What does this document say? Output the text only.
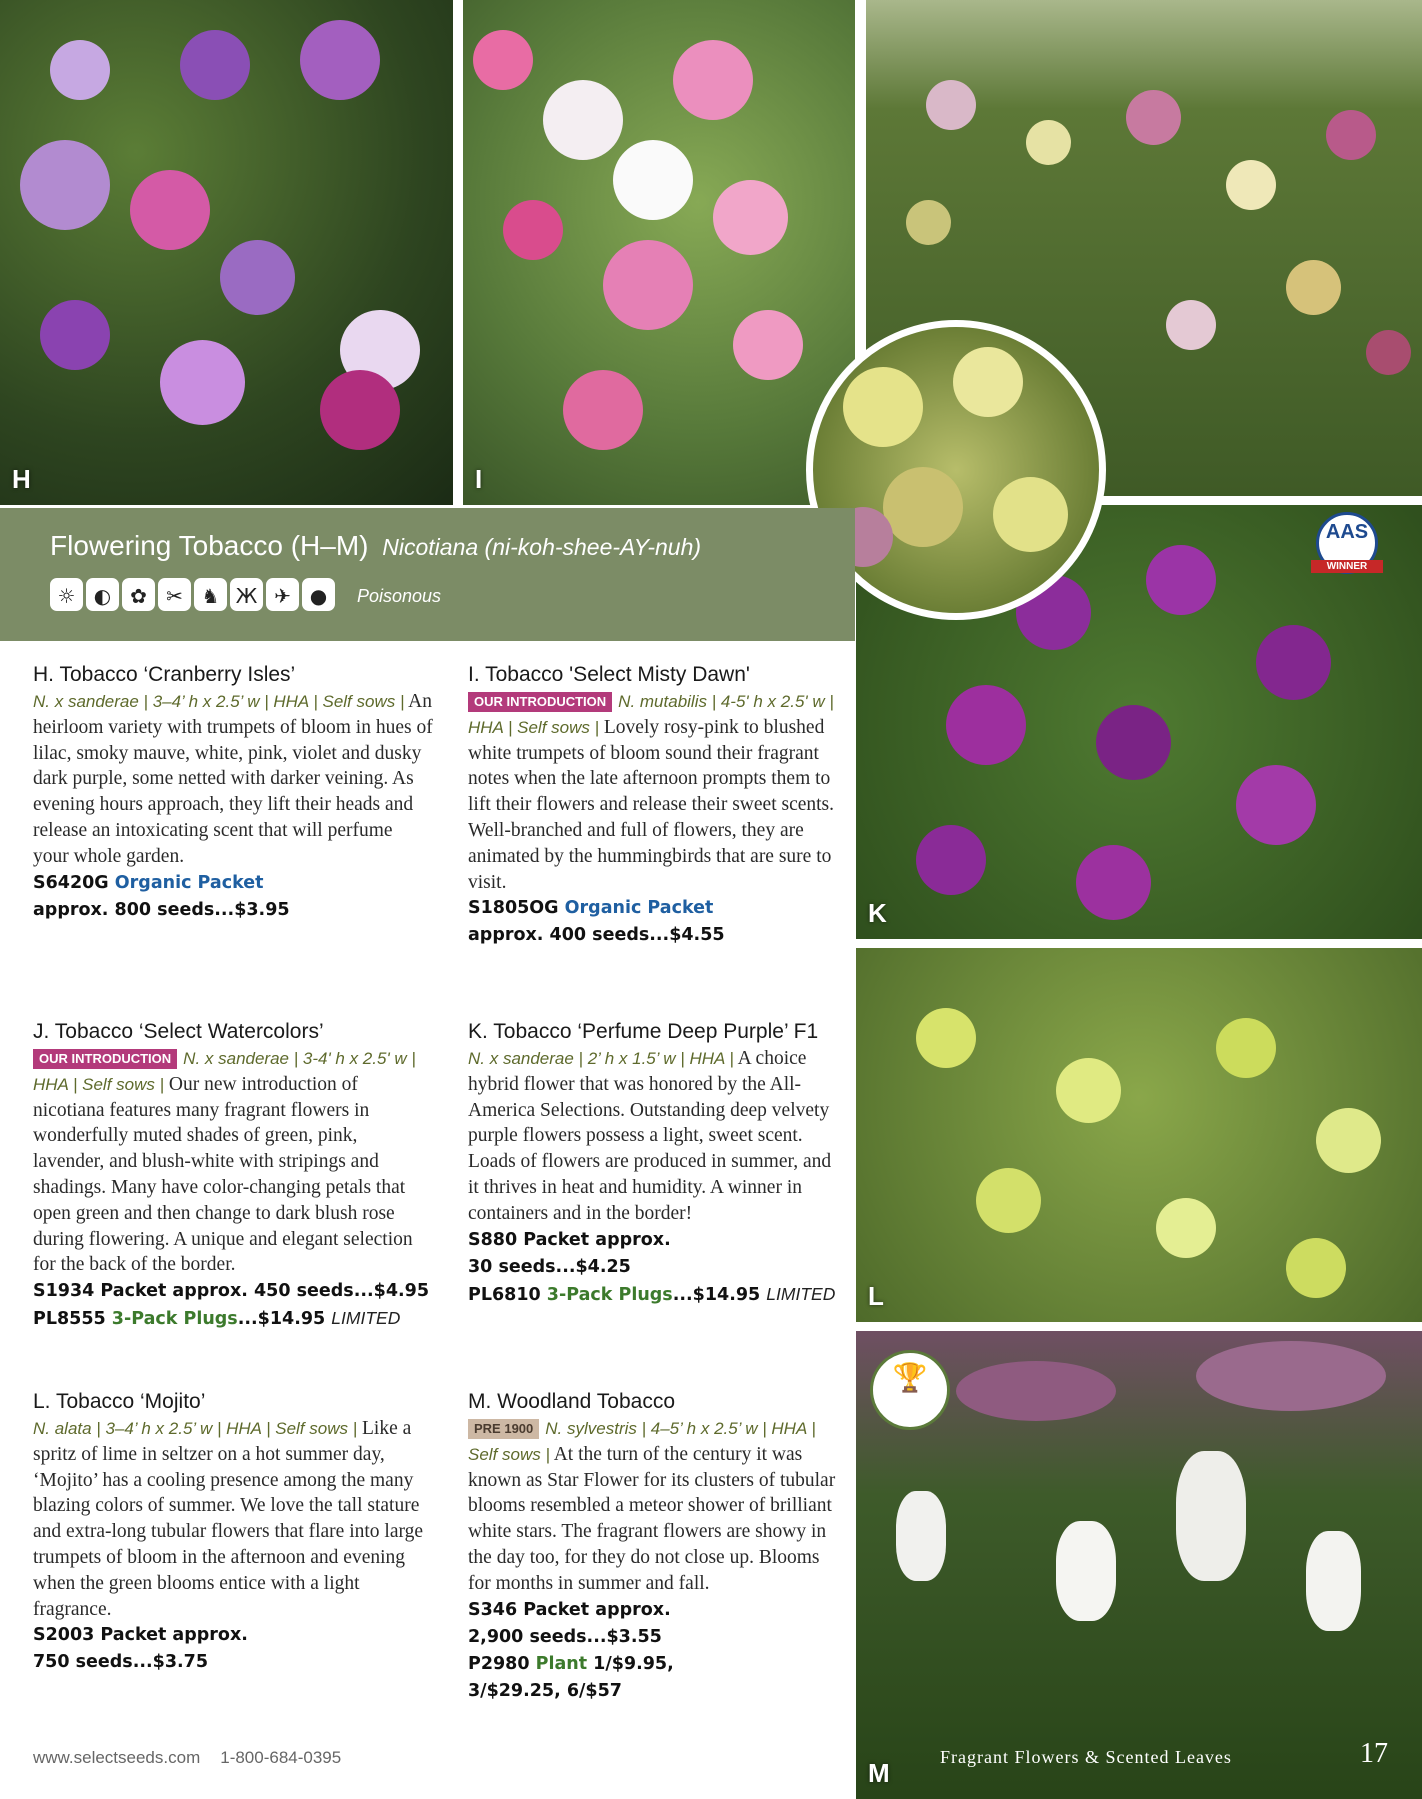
H	I
K
L
M
AAS
WINNER
🏆
Flowering Tobacco (H–M) Nicotiana (ni-koh-shee-AY-nuh)
☼ ◐ ✿ ✂ ♞ Ж ✈ ●	Poisonous
H. Tobacco ‘Cranberry Isles’
N. x sanderae | 3–4’ h x 2.5’ w | HHA | Self sows | An heirloom variety with trumpets of bloom in hues of lilac, smoky mauve, white, pink, violet and dusky dark purple, some netted with darker veining. As evening hours approach, they lift their heads and release an intoxicating scent that will perfume your whole garden.
S6420G Organic Packet
approx. 800 seeds...$3.95
I. Tobacco 'Select Misty Dawn'
OUR INTRODUCTION N. mutabilis | 4-5' h x 2.5' w | HHA | Self sows | Lovely rosy-pink to blushed white trumpets of bloom sound their fragrant notes when the late afternoon prompts them to lift their flowers and release their sweet scents. Well-branched and full of flowers, they are animated by the hummingbirds that are sure to visit.
S1805OG Organic Packet
approx. 400 seeds...$4.55
J. Tobacco ‘Select Watercolors’
OUR INTRODUCTION N. x sanderae | 3-4' h x 2.5' w | HHA | Self sows | Our new introduction of nicotiana features many fragrant flowers in wonderfully muted shades of green, pink, lavender, and blush-white with stripings and shadings. Many have color-changing petals that open green and then change to dark blush rose during flowering. A unique and elegant selection for the back of the border.
S1934 Packet approx. 450 seeds...$4.95
PL8555 3-Pack Plugs...$14.95 LIMITED
K. Tobacco ‘Perfume Deep Purple’ F1
N. x sanderae | 2’ h x 1.5’ w | HHA | A choice hybrid flower that was honored by the All-America Selections. Outstanding deep velvety purple flowers possess a light, sweet scent. Loads of flowers are produced in summer, and it thrives in heat and humidity. A winner in containers and in the border!
S880 Packet approx.
30 seeds...$4.25
PL6810 3-Pack Plugs...$14.95 LIMITED
L. Tobacco ‘Mojito’
N. alata | 3–4’ h x 2.5’ w | HHA | Self sows | Like a spritz of lime in seltzer on a hot summer day, ‘Mojito’ has a cooling presence among the many blazing colors of summer. We love the tall stature and extra-long tubular flowers that flare into large trumpets of bloom in the afternoon and evening when the green blooms entice with a light fragrance.
S2003 Packet approx.
750 seeds...$3.75
M. Woodland Tobacco
PRE 1900 N. sylvestris | 4–5’ h x 2.5’ w | HHA | Self sows | At the turn of the century it was known as Star Flower for its clusters of tubular blooms resembled a meteor shower of brilliant white stars. The fragrant flowers are showy in the day too, for they do not close up. Blooms for months in summer and fall.
S346 Packet approx.
2,900 seeds...$3.55
P2980 Plant 1/$9.95,
3/$29.25, 6/$57
www.selectseeds.com 1-800-684-0395	Fragrant Flowers & Scented Leaves	17
